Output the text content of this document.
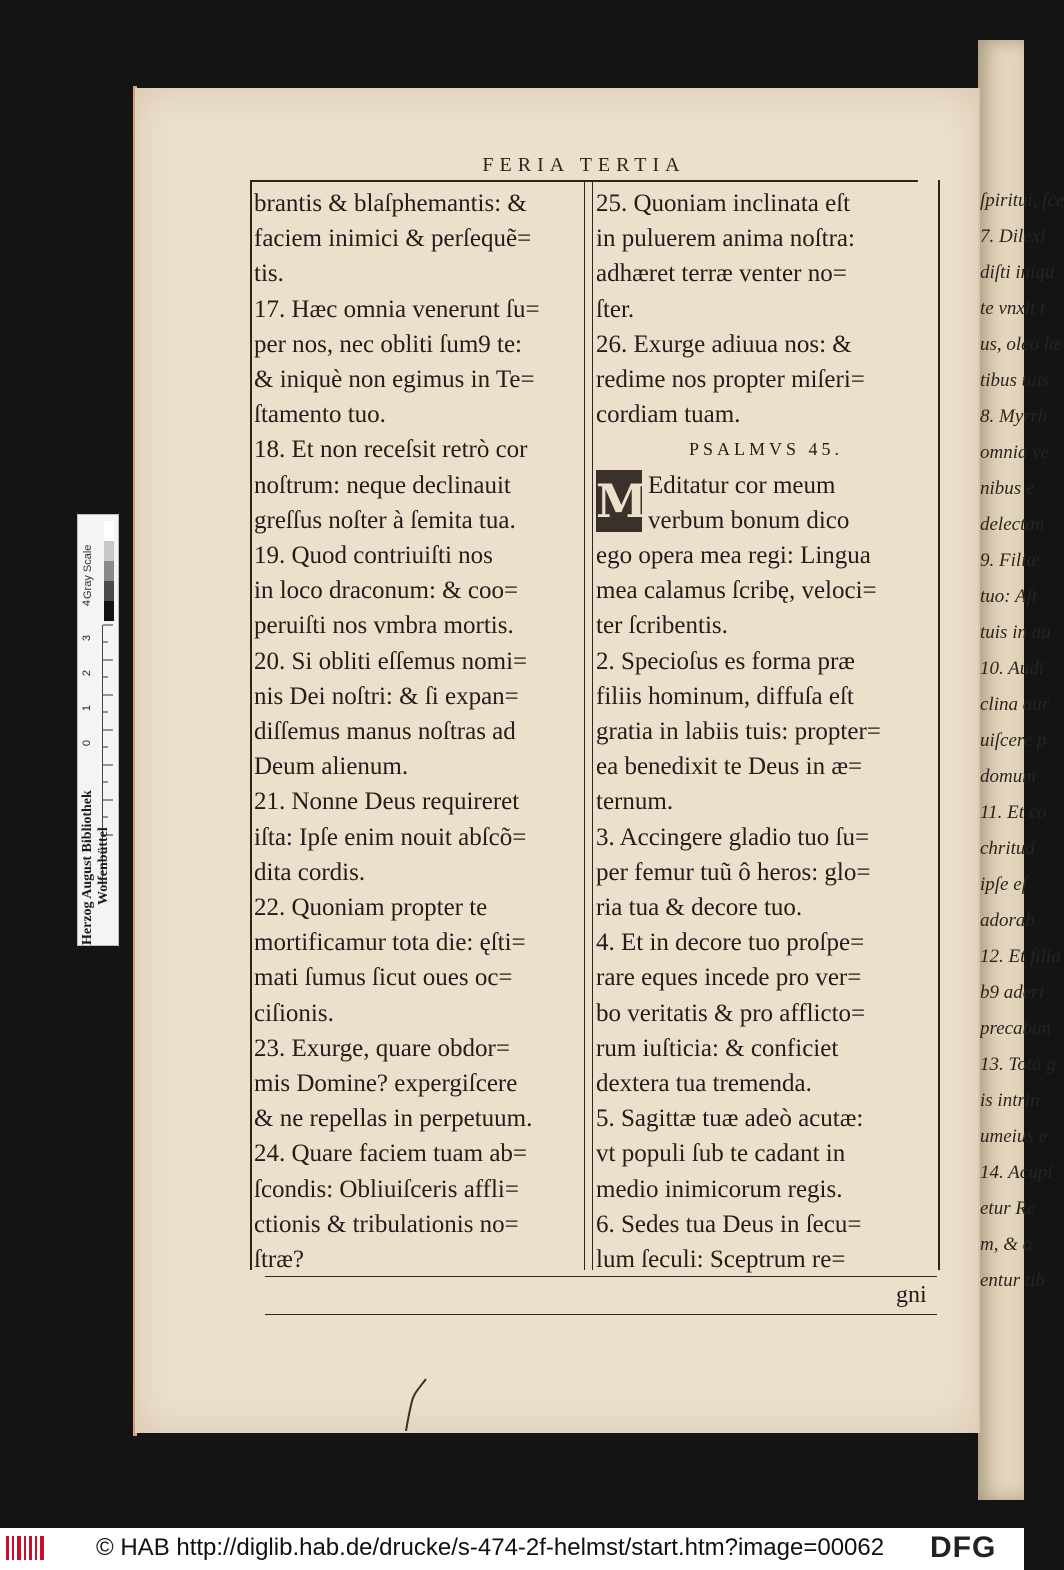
ſpiritui, ſce
7. Dilexi
diſti iniqu
te vnxit t
us, oleo læ
tibus tuis
8. Myrrh
omnia ve
nibus e
delectan
9. Filiæ
tuo: Aſt
tuis in au
10. Audi
clina aur
uiſcere p
domum
11. Et co
chritud
ipſe eſ
adorab
12. Et filia
b9 aderi
precabun
13. Tota g
is intrin
umeius e
14. Acupi
etur Re
m, & a
entur tib
FERIA TERTIA
brantis & blaſphemantis: &
faciem inimici & perſequẽ=
tis.
17. Hæc omnia venerunt ſu=
per nos, nec obliti ſum9 te:
& iniquè non egimus in Te=
ſtamento tuo.
18. Et non receſsit retrò cor
noſtrum: neque declinauit
greſſus noſter à ſemita tua.
19. Quod contriuiſti nos
in loco draconum: & coo=
peruiſti nos vmbra mortis.
20. Si obliti eſſemus nomi=
nis Dei noſtri: & ſi expan=
diſſemus manus noſtras ad
Deum alienum.
21. Nonne Deus requireret
iſta: Ipſe enim nouit abſcõ=
dita cordis.
22. Quoniam propter te
mortificamur tota die: ęſti=
mati ſumus ſicut oues oc=
ciſionis.
23. Exurge, quare obdor=
mis Domine? expergiſcere
& ne repellas in perpetuum.
24. Quare faciem tuam ab=
ſcondis: Obliuiſceris affli=
ctionis & tribulationis no=
ſtræ?
25. Quoniam inclinata eſt
in puluerem anima noſtra:
adhæret terræ venter no=
ſter.
26. Exurge adiuua nos: &
redime nos propter miſeri=
cordiam tuam.
PSALMVS 45.
M Editatur cor meum
verbum bonum dico
ego opera mea regi: Lingua
mea calamus ſcribę, veloci=
ter ſcribentis.
2. Specioſus es forma præ
filiis hominum, diffuſa eſt
gratia in labiis tuis: propter=
ea benedixit te Deus in æ=
ternum.
3. Accingere gladio tuo ſu=
per femur tuũ ô heros: glo=
ria tua & decore tuo.
4. Et in decore tuo proſpe=
rare eques incede pro ver=
bo veritatis & pro afflicto=
rum iuſticia: & conficiet
dextera tua tremenda.
5. Sagittæ tuæ adeò acutæ:
vt populi ſub te cadant in
medio inimicorum regis.
6. Sedes tua Deus in ſecu=
lum ſeculi: Sceptrum re=
gni
Gray Scale
4
3
2
1
0
Herzog August Bibliothek Wolfenbüttel
© HAB http://diglib.hab.de/drucke/s-474-2f-helmst/start.htm?image=00062 DFG
